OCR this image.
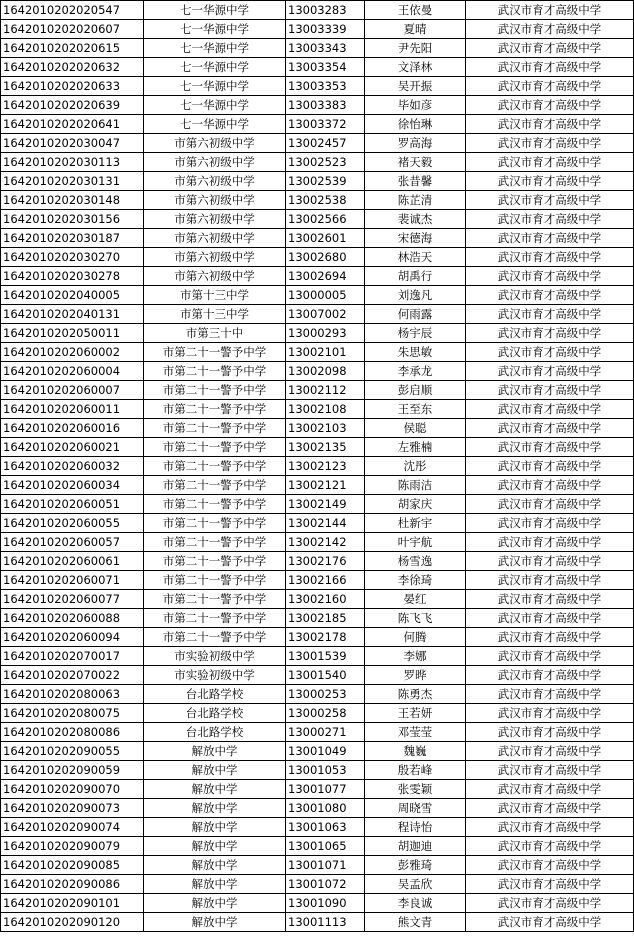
1642010202020547	七一华源中学	13003283	王依曼	武汉市育才高级中学
1642010202020607	七一华源中学	13003339	夏晴	武汉市育才高级中学
1642010202020615	七一华源中学	13003343	尹先阳	武汉市育才高级中学
1642010202020632	七一华源中学	13003354	文泽林	武汉市育才高级中学
1642010202020633	七一华源中学	13003353	吴开振	武汉市育才高级中学
1642010202020639	七一华源中学	13003383	毕如彦	武汉市育才高级中学
1642010202020641	七一华源中学	13003372	徐怡琳	武汉市育才高级中学
1642010202030047	市第六初级中学	13002457	罗高海	武汉市育才高级中学
1642010202030113	市第六初级中学	13002523	褚天毅	武汉市育才高级中学
1642010202030131	市第六初级中学	13002539	张昔馨	武汉市育才高级中学
1642010202030148	市第六初级中学	13002538	陈芷清	武汉市育才高级中学
1642010202030156	市第六初级中学	13002566	裴诚杰	武汉市育才高级中学
1642010202030187	市第六初级中学	13002601	宋德海	武汉市育才高级中学
1642010202030270	市第六初级中学	13002680	林浩天	武汉市育才高级中学
1642010202030278	市第六初级中学	13002694	胡禹行	武汉市育才高级中学
1642010202040005	市第十三中学	13000005	刘逸凡	武汉市育才高级中学
1642010202040131	市第十三中学	13007002	何雨露	武汉市育才高级中学
1642010202050011	市第三十中	13000293	杨宇辰	武汉市育才高级中学
1642010202060002	市第二十一警予中学	13002101	朱思敏	武汉市育才高级中学
1642010202060004	市第二十一警予中学	13002098	李承龙	武汉市育才高级中学
1642010202060007	市第二十一警予中学	13002112	彭启顺	武汉市育才高级中学
1642010202060011	市第二十一警予中学	13002108	王至东	武汉市育才高级中学
1642010202060016	市第二十一警予中学	13002103	侯聪	武汉市育才高级中学
1642010202060021	市第二十一警予中学	13002135	左雅楠	武汉市育才高级中学
1642010202060032	市第二十一警予中学	13002123	沈彤	武汉市育才高级中学
1642010202060034	市第二十一警予中学	13002121	陈雨洁	武汉市育才高级中学
1642010202060051	市第二十一警予中学	13002149	胡家庆	武汉市育才高级中学
1642010202060055	市第二十一警予中学	13002144	杜新宇	武汉市育才高级中学
1642010202060057	市第二十一警予中学	13002142	叶宇航	武汉市育才高级中学
1642010202060061	市第二十一警予中学	13002176	杨雪逸	武汉市育才高级中学
1642010202060071	市第二十一警予中学	13002166	李徐琦	武汉市育才高级中学
1642010202060077	市第二十一警予中学	13002160	晏红	武汉市育才高级中学
1642010202060088	市第二十一警予中学	13002185	陈飞飞	武汉市育才高级中学
1642010202060094	市第二十一警予中学	13002178	何腾	武汉市育才高级中学
1642010202070017	市实验初级中学	13001539	李娜	武汉市育才高级中学
1642010202070022	市实验初级中学	13001540	罗晔	武汉市育才高级中学
1642010202080063	台北路学校	13000253	陈勇杰	武汉市育才高级中学
1642010202080075	台北路学校	13000258	王若妍	武汉市育才高级中学
1642010202080086	台北路学校	13000271	邓莹莹	武汉市育才高级中学
1642010202090055	解放中学	13001049	魏巍	武汉市育才高级中学
1642010202090059	解放中学	13001053	殷若峰	武汉市育才高级中学
1642010202090070	解放中学	13001077	张雯颖	武汉市育才高级中学
1642010202090073	解放中学	13001080	周晓雪	武汉市育才高级中学
1642010202090074	解放中学	13001063	程诗怡	武汉市育才高级中学
1642010202090079	解放中学	13001065	胡迦迪	武汉市育才高级中学
1642010202090085	解放中学	13001071	彭雅琦	武汉市育才高级中学
1642010202090086	解放中学	13001072	吴孟欣	武汉市育才高级中学
1642010202090101	解放中学	13001090	李良诚	武汉市育才高级中学
1642010202090120	解放中学	13001113	熊文青	武汉市育才高级中学
